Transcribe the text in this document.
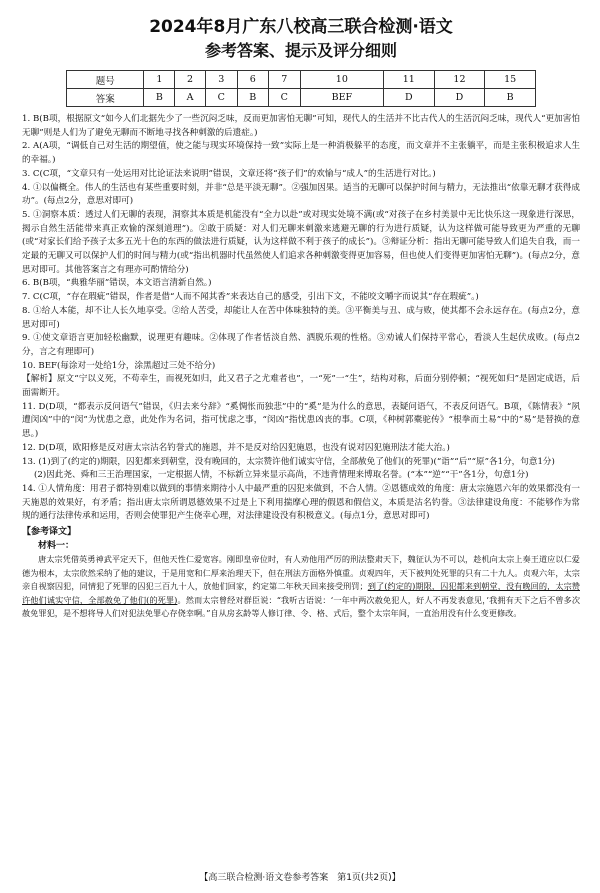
2024年8月广东八校高三联合检测·语文
参考答案、提示及评分细则
题号	1	2	3	6	7	10	11	12	15
答案	B	A	C	B	C	BEF	D	D	B

1. B(B项，根据原文“如今人们北据先少了一些沉闷乏味，反而更加害怕无聊”可知，现代人的生活并不比古代人的生活沉闷乏味，现代人“更加害怕无聊”则是人们为了避免无聊而不断地寻找各种刺激的后遗症。)

2. A(A项，“调低自己对生活的期望值，使之能与现实环境保持一致”实际上是一种消极躲平的态度，而文章并不主张躺平，而是主张积极追求人生的幸福。)

3. C(C项，“文章只有一处运用对比论证法来说明”错误，文章还将“孩子们”的欢愉与“成人”的生活进行对比。)

4. ①以偏概全。伟人的生活也有某些重要时刻，并非“总是平淡无聊”。②强加因果。适当的无聊可以保护时间与精力，无法推出“依靠无聊才获得成功”。(每点2分，意思对即可)

5. ①洞察本质：透过人们无聊的表现，洞察其本质是机能没有“全力以赴”或对现实处境不满(或“对孩子在乡村美景中无比快乐这一现象进行深思，揭示自然生活能带来真正欢愉的深刻道理”)。②敢于质疑：对人们无聊来刺激来逃避无聊的行为进行质疑，认为这样做可能导致更为严重的无聊(或“对家长们给予孩子太多五光十色的东西的做法进行质疑，认为这样做不利于孩子的成长”)。③辩证分析：指出无聊可能导致人们追失自我，而一定最的无聊又可以保护人们的时间与精力(或“指出机器时代虽然使人们追求各种刺激变得更加容易，但也使人们变得更加害怕无聊”)。(每点2分，意思对即可。其他答案言之有理亦可酌情给分)

6. B(B项，“典雅华丽”错误，本文语言清新自然。)

7. C(C项，“存在瑕疵”错误，作者是借“人而不闻其香”来表达自己的感受，引出下文，不能咬文嚼字而说其“存在瑕疵”。)

8. ①给人本能，却不让人长久地享受。②给人苦受，却能让人在苦中体味独特的美。③平衡美与丑、成与败，使其都不会永远存在。(每点2分，意思对即可)

9. ①使文章语言更加轻松幽默，说理更有趣味。②体现了作者恬淡自然、洒脱乐观的性格。③劝诫人们保持平常心，看淡人生起伏成败。(每点2分，言之有理即可)

10. BEF(每涂对一处给1分，涂黑超过三处不给分)

【解析】原文“宁以义死，不苟幸生，而视死如归，此又君子之尤难者也”，一“死”一“生”，结构对称，后面分别停顿；“视死如归”是固定成语，后面需断开。

11. D(D项，“都表示反问语气”错误，《归去来兮辞》“奚惆怅而独悲”中的“奚”是为什么的意思，表疑问语气，不表反问语气。B项，《陈情表》“夙遭闵凶”中的“闵”为忧患之意，此处作为名词，指可忧虑之事，“闵凶”指忧患凶丧的事。C项，《种树郭橐驼传》“根拳而土易”中的“易”是替换的意思。)

12. D(D项，欧阳修是反对唐太宗沽名钓誉式的施恩，并不是反对给囚犯施恩，也没有说对囚犯施刑法才能大治。)

13. (1)到了(约定的)期限，囚犯都来到朝堂，没有晚回的，太宗赞许他们诚实守信，全部赦免了他们(的死罪)(“诣”“后”“原”各1分，句意1分)

(2)因此尧、舜和三王治理国家，一定根据人情，不标新立异来显示高尚，不违背情理来博取名誉。(“本”“逆”“干”各1分，句意1分)

14. ①人情角度：用君子都特别难以做到的事情来期待小人中最严重的囚犯来做到，不合人情。②恩德成效的角度：唐太宗施恩六年的效果都没有一天施恩的效果好，有矛盾；指出唐太宗所谓恩德效果不过是上下利用揣摩心理的假恩和假信义，本质是沽名钓誉。③法律建设角度：不能够作为常规的通行法律传承和运用，否则会使罪犯产生侥幸心理，对法律建设没有积极意义。(每点1分，意思对即可)

【参考译文】
材料一：

唐太宗凭借英勇神武平定天下，但他天性仁爱宽容。刚即皇帝位时，有人劝他用严厉的刑法整肃天下，魏征认为不可以，趁机向太宗上奏王道应以仁爱德为根本，太宗欣然采纳了他的建议，于是用宽和仁厚来治理天下，但在刑法方面格外慎重。贞观四年，天下被判处死罪的只有二十九人。贞观六年，太宗亲自视察囚犯，同情犯了死罪的囚犯三百九十人，放他们回家，约定第二年秋天回来接受刑罚；到了(约定的)期限，囚犯都来到朝堂，没有晚回的，太宗赞许他们诚实守信，全部赦免了他们(的死罪)。然而太宗曾经对群臣说：“我听古语说：‘一年中两次赦免犯人，好人不再发表意见，’我拥有天下之后不曾多次赦免罪犯，是不想将导人们对犯法免罪心存侥幸啊。”自从房玄龄等人修订律、令、格、式后，整个太宗年间，一直治用没有什么变更修改。

【高三联合检测·语文卷参考答案　第1页(共2页)】
